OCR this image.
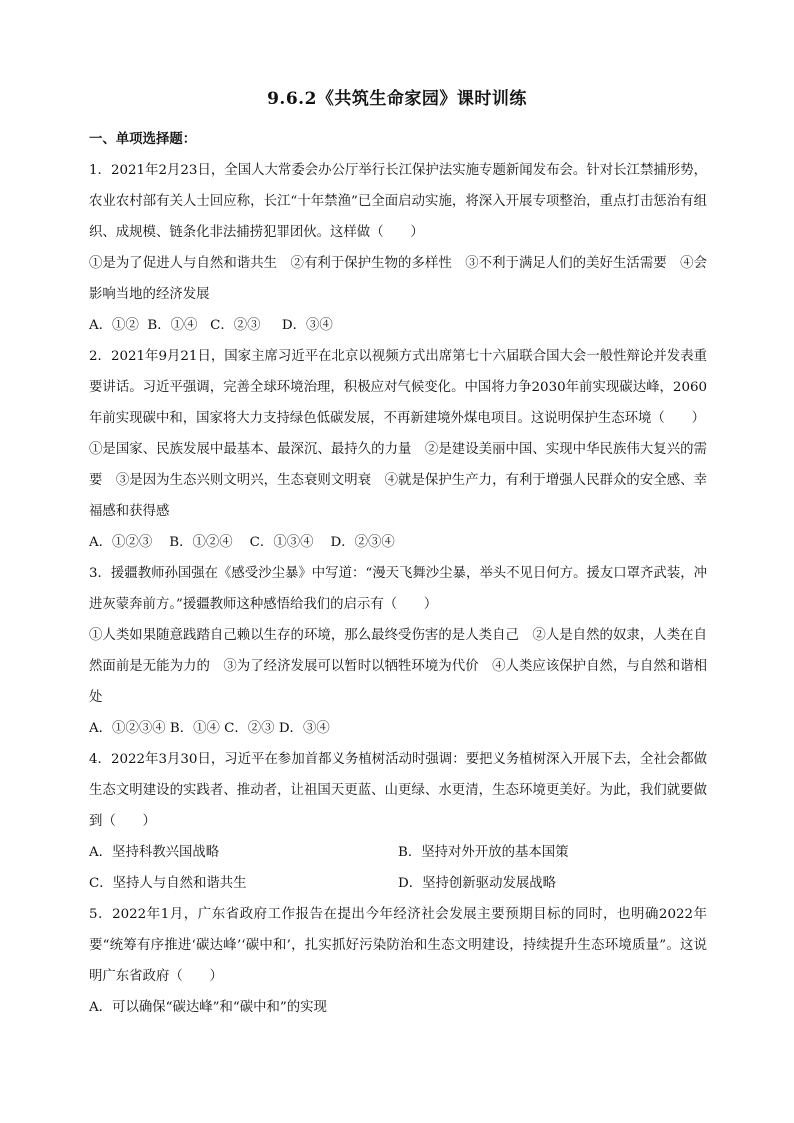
9.6.2《共筑生命家园》课时训练

一、单项选择题：

1．2021年2月23日，全国人大常委会办公厅举行长江保护法实施专题新闻发布会。针对长江禁捕形势，农业农村部有关人士回应称，长江“十年禁渔”已全面启动实施，将深入开展专项整治，重点打击惩治有组织、成规模、链条化非法捕捞犯罪团伙。这样做（　　）

①是为了促进人与自然和谐共生　②有利于保护生物的多样性　③不利于满足人们的美好生活需要　④会影响当地的经济发展

A．①②  B．①④   C．②③     D．③④

2．2021年9月21日，国家主席习近平在北京以视频方式出席第七十六届联合国大会一般性辩论并发表重要讲话。习近平强调，完善全球环境治理，积极应对气候变化。中国将力争2030年前实现碳达峰，2060年前实现碳中和，国家将大力支持绿色低碳发展，不再新建境外煤电项目。这说明保护生态环境（　　）

①是国家、民族发展中最基本、最深沉、最持久的力量　②是建设美丽中国、实现中华民族伟大复兴的需要　③是因为生态兴则文明兴，生态衰则文明衰　④就是保护生产力，有利于增强人民群众的安全感、幸福感和获得感

A．①②③    B．①②④    C．①③④    D．②③④

3．援疆教师孙国强在《感受沙尘暴》中写道：“漫天飞舞沙尘暴，举头不见日何方。援友口罩齐武装，冲进灰蒙奔前方。”援疆教师这种感悟给我们的启示有（　　）

①人类如果随意践踏自己赖以生存的环境，那么最终受伤害的是人类自己　②人是自然的奴隶，人类在自然面前是无能为力的　③为了经济发展可以暂时以牺牲环境为代价　④人类应该保护自然，与自然和谐相处

A．①②③④ B．①④ C．②③ D．③④

4．2022年3月30日，习近平在参加首都义务植树活动时强调：要把义务植树深入开展下去，全社会都做生态文明建设的实践者、推动者，让祖国天更蓝、山更绿、水更清，生态环境更美好。为此，我们就要做到（　　）

A．坚持科教兴国战略	B．坚持对外开放的基本国策
C．坚持人与自然和谐共生	D．坚持创新驱动发展战略

5．2022年1月，广东省政府工作报告在提出今年经济社会发展主要预期目标的同时，也明确2022年要“统筹有序推进‘碳达峰’‘碳中和’，扎实抓好污染防治和生态文明建设，持续提升生态环境质量”。这说明广东省政府（　　）

A．可以确保“碳达峰”和“碳中和”的实现
